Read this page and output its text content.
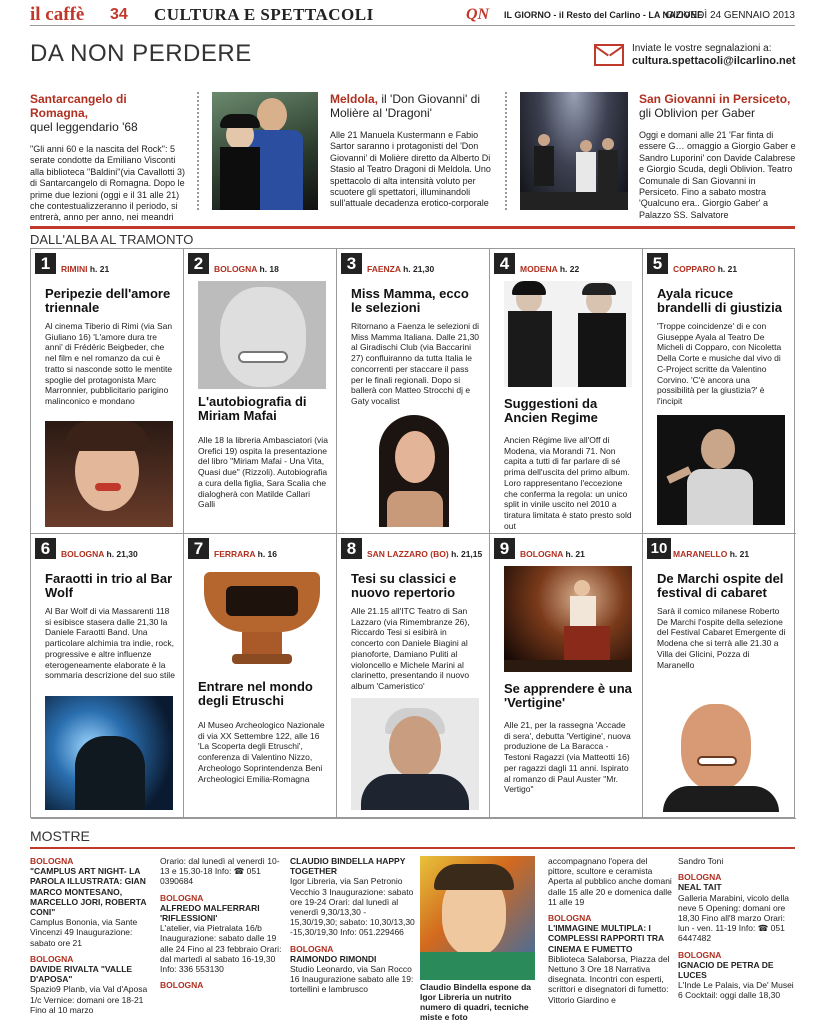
il caffè 34 CULTURA E SPETTACOLI	QN IL GIORNO - il Resto del Carlino - LA NAZIONE
GIOVEDÌ 24 GENNAIO 2013
DA NON PERDERE	Inviate le vostre segnalazioni a:
cultura.spettacoli@ilcarlino.net
Santarcangelo di Romagna,
quel leggendario '68

"Gli anni 60 e la nascita del Rock": 5 serate condotte da Emiliano Visconti alla biblioteca "Baldini"(via Cavallotti 3) di Santarcangelo di Romagna. Dopo le prime due lezioni (oggi e il 31 alle 21) che contestualizzeranno il periodo, si entrerà, anno per anno, nei meandri

Meldola, il 'Don Giovanni' di Molière al 'Dragoni'

Alle 21 Manuela Kustermann e Fabio Sartor saranno i protagonisti del 'Don Giovanni' di Molière diretto da Alberto Di Stasio al Teatro Dragoni di Meldola. Uno spettacolo di alta intensità voluto per scuotere gli spettatori, illuminandoli sull'attuale decadenza erotico-corporale

San Giovanni in Persiceto,
gli Oblivion per Gaber

Oggi e domani alle 21 'Far finta di essere G… omaggio a Giorgio Gaber e Sandro Luporini' con Davide Calabrese e Giorgio Scuda, degli Oblivion. Teatro Comunale di San Giovanni in Persiceto. Fino a sabato mostra 'Qualcuno era.. Giorgio Gaber' a Palazzo SS. Salvatore

DALL'ALBA AL TRAMONTO
1	RIMINI h. 21
Peripezie dell'amore triennale

Al cinema Tiberio di Rimi (via San Giuliano 16) 'L'amore dura tre anni' di Frédéric Beigbeder, che nel film e nel romanzo da cui è tratto si nasconde sotto le mentite spoglie del protagonista Marc Marronnier, pubblicitario parigino malinconico e mondano

2	BOLOGNA h. 18
L'autobiografia di Miriam Mafai

Alle 18 la libreria Ambasciatori (via Orefici 19) ospita la presentazione del libro "Miriam Mafai - Una Vita, Quasi due" (Rizzoli). Autobiografia a cura della figlia, Sara Scalia che dialogherà con Matilde Callari Galli

3	FAENZA h. 21,30
Miss Mamma, ecco le selezioni

Ritornano a Faenza le selezioni di Miss Mamma Italiana. Dalle 21,30 al Giradischi Club (via Baccarini 27) confluiranno da tutta Italia le concorrenti per staccare il pass per le finali regionali. Dopo si ballerà con Matteo Strocchi dj e Gaty vocalist

4	MODENA h. 22
Suggestioni da Ancien Regime

Ancien Régime live all'Off di Modena, via Morandi 71. Non capita a tutti di far parlare di sé prima dell'uscita del primo album. Loro rappresentano l'eccezione che conferma la regola: un unico split in vinile uscito nel 2010 a tiratura limitata è stato presto sold out

5	COPPARO h. 21
Ayala ricuce brandelli di giustizia

'Troppe coincidenze' di e con Giuseppe Ayala al Teatro De Micheli di Copparo, con Nicoletta Della Corte e musiche dal vivo di C-Project scritte da Valentino Corvino. 'C'è ancora una possibilità per la giustizia?' è l'incipit

6	BOLOGNA h. 21,30
Faraotti in trio al Bar Wolf

Al Bar Wolf di via Massarenti 118 si esibisce stasera dalle 21,30 la Daniele Faraotti Band. Una particolare alchimia tra indie, rock, progressive e altre influenze eterogeneamente elaborate è la sommaria descrizione del suo stile

7	FERRARA h. 16
Entrare nel mondo degli Etruschi

Al Museo Archeologico Nazionale di via XX Settembre 122, alle 16 'La Scoperta degli Etruschi', conferenza di Valentino Nizzo, Archeologo Soprintendenza Beni Archeologici Emilia-Romagna

8	SAN LAZZARO (BO) h. 21,15
Tesi su classici e nuovo repertorio

Alle 21.15 all'ITC Teatro di San Lazzaro (via Rimembranze 26), Riccardo Tesi si esibirà in concerto con Daniele Biagini al pianoforte, Damiano Puliti al violoncello e Michele Marini al clarinetto, presentando il nuovo album 'Cameristico'

9	BOLOGNA h. 21
Se apprendere è una 'Vertigine'

Alle 21, per la rassegna 'Accade di sera', debutta 'Vertigine', nuova produzione de La Baracca - Testoni Ragazzi (via Matteotti 16) per ragazzi dagli 11 anni. Ispirato al romanzo di Paul Auster "Mr. Vertigo"

10 MARANELLO h. 21
De Marchi ospite del festival di cabaret

Sarà il comico milanese Roberto De Marchi l'ospite della selezione del Festival Cabaret Emergente di Modena che si terrà alle 21.30 a Villa dei Glicini, Pozza di Maranello

MOSTRE
BOLOGNA
"CAMPLUS ART NIGHT- LA PAROLA ILLUSTRATA: GIAN MARCO MONTESANO, MARCELLO JORI, ROBERTA CONI"
Camplus Bononia, via Sante Vincenzi 49 Inaugurazione: sabato ore 21
BOLOGNA
DAVIDE RIVALTA "VALLE D'APOSA"
Spazio9 Planb, via Val d'Aposa 1/c Vernice: domani ore 18-21 Fino al 10 marzo
Orario: dal lunedì al venerdì 10-13 e 15.30-18 Info: ☎ 051 0390684
BOLOGNA
ALFREDO MALFERRARI 'RIFLESSIONI'
L'atelier, via Pietralata 16/b Inaugurazione: sabato dalle 19 alle 24 Fino al 23 febbraio Orari: dal martedì al sabato 16-19,30 Info: 336 553130
BOLOGNA
CLAUDIO BINDELLA HAPPY TOGETHER
Igor Libreria, via San Petronio Vecchio 3 Inaugurazione: sabato ore 19-24 Orari: dal lunedì al venerdì 9,30/13,30 - 15,30/19,30; sabato: 10,30/13,30 -15,30/19,30 Info: 051.229466
BOLOGNA
RAIMONDO RIMONDI
Studio Leonardo, via San Rocco 16 Inaugurazione sabato alle 19: tortellini e lambrusco	Claudio Bindella espone da Igor Libreria un nutrito numero di quadri, tecniche miste e foto
accompagnano l'opera del pittore, scultore e ceramista Aperta al pubblico anche domani dalle 15 alle 20 e domenica dalle 11 alle 19
BOLOGNA
L'IMMAGINE MULTIPLA: I COMPLESSI RAPPORTI TRA CINEMA E FUMETTO
Biblioteca Salaborsa, Piazza del Nettuno 3 Ore 18 Narrativa disegnata. Incontri con esperti, scrittori e disegnatori di fumetto: Vittorio Giardino e
Sandro Toni
BOLOGNA
NEAL TAIT
Galleria Marabini, vicolo della neve 5 Opening: domani ore 18,30 Fino all'8 marzo Orari: lun - ven. 11-19 Info: ☎ 051 6447482
BOLOGNA
IGNACIO DE PETRA DE LUCES
L'Inde Le Palais, via De' Musei 6 Cocktail: oggi dalle 18,30
